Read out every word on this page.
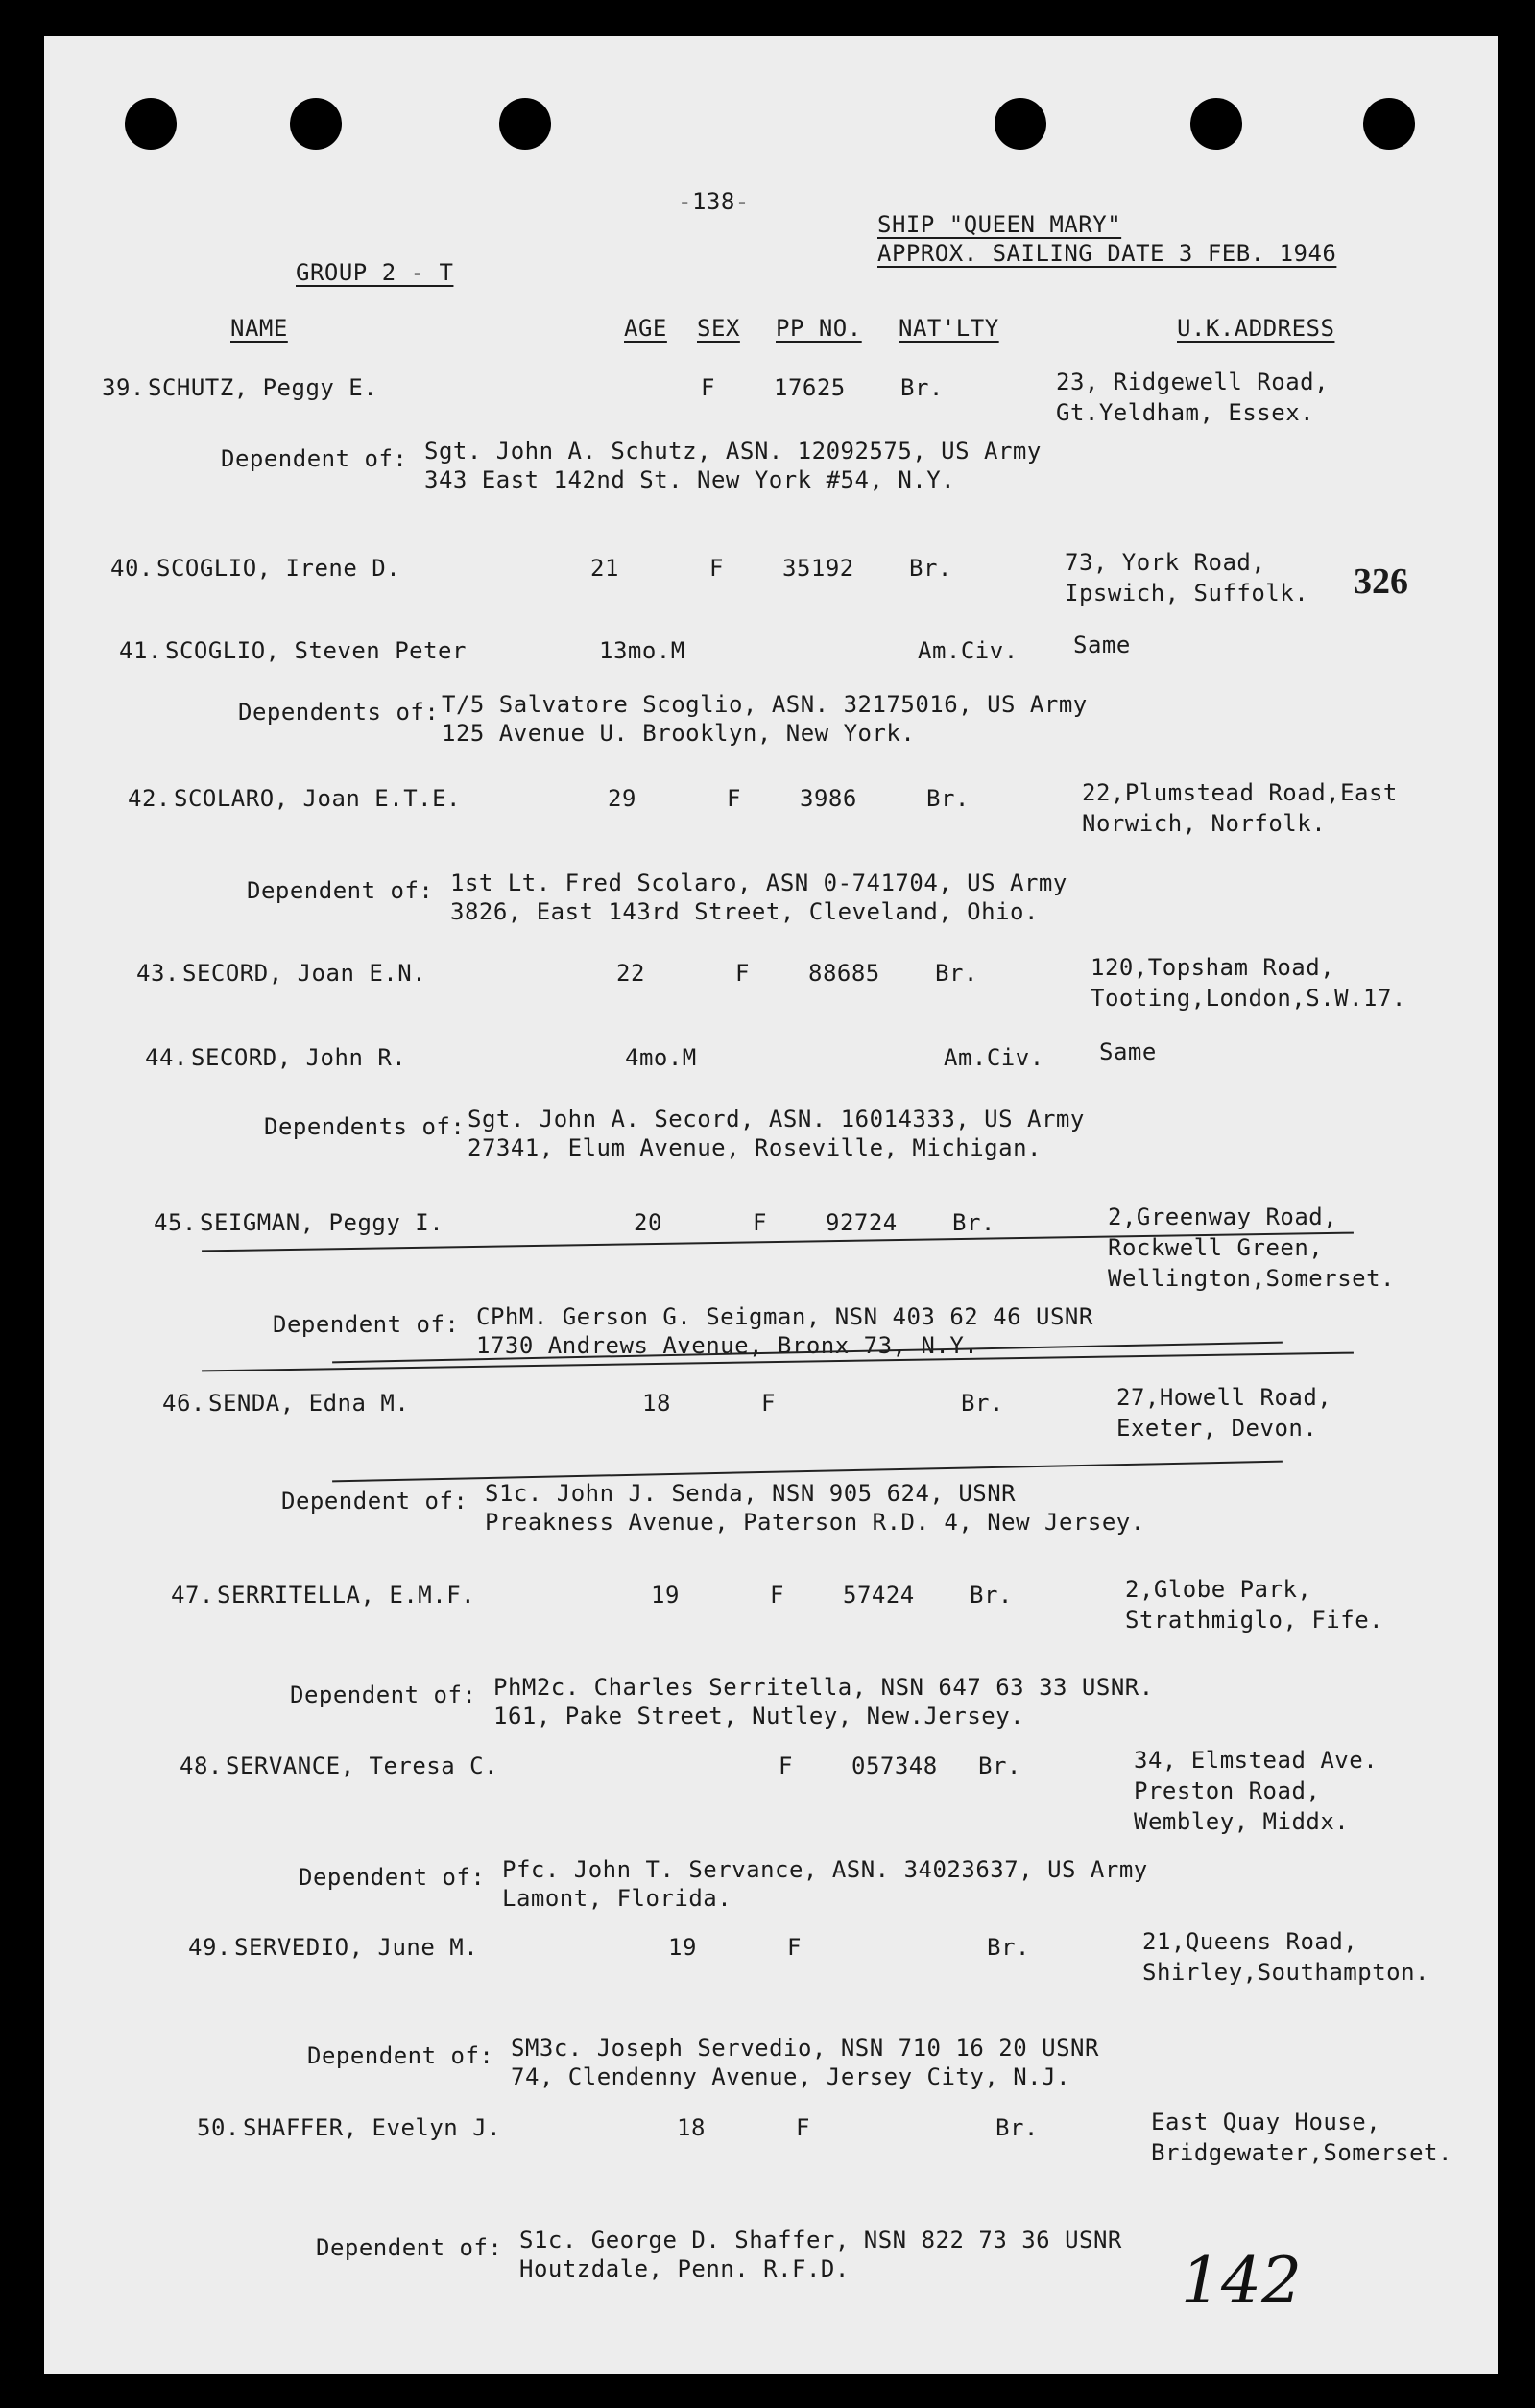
-138-
SHIP "QUEEN MARY"
APPROX. SAILING DATE 3 FEB. 1946
GROUP 2 - T
NAME	AGE SEX PP NO. NAT'LTY	U.K.ADDRESS
39. SCHUTZ, Peggy E.	F	17625 Br.	23, Ridgewell Road,
Gt.Yeldham, Essex.
Dependent of: Sgt. John A. Schutz, ASN. 12092575, US Army
343 East 142nd St. New York #54, N.Y.
40. SCOGLIO, Irene D.	21	F	35192 Br.	73, York Road,
Ipswich, Suffolk.
41. SCOGLIO, Steven Peter	13mo.M	Am.Civ. Same
Dependents of: T/5 Salvatore Scoglio, ASN. 32175016, US Army
125 Avenue U. Brooklyn, New York.
42. SCOLARO, Joan E.T.E.	29	F	3986	Br.	22,Plumstead Road,East
Norwich, Norfolk.
Dependent of: 1st Lt. Fred Scolaro, ASN 0-741704, US Army
3826, East 143rd Street, Cleveland, Ohio.
43. SECORD, Joan E.N.	22	F	88685 Br.	120,Topsham Road,
Tooting,London,S.W.17.
44. SECORD, John R.	4mo.M	Am.Civ. Same
Dependents of: Sgt. John A. Secord, ASN. 16014333, US Army
27341, Elum Avenue, Roseville, Michigan.
45. SEIGMAN, Peggy I.	20	F	92724 Br.	2,Greenway Road,
Rockwell Green,
Wellington,Somerset.
Dependent of: CPhM. Gerson G. Seigman, NSN 403 62 46 USNR
1730 Andrews Avenue, Bronx 73, N.Y.
46. SENDA, Edna M.	18	F	Br.	27,Howell Road,
Exeter, Devon.
Dependent of: S1c. John J. Senda, NSN 905 624, USNR
Preakness Avenue, Paterson R.D. 4, New Jersey.
47. SERRITELLA, E.M.F.	19	F	57424 Br.	2,Globe Park,
Strathmiglo, Fife.
Dependent of: PhM2c. Charles Serritella, NSN 647 63 33 USNR.
161, Pake Street, Nutley, New.Jersey.
48. SERVANCE, Teresa C.	F	057348 Br.	34, Elmstead Ave.
Preston Road,
Wembley, Middx.
Dependent of: Pfc. John T. Servance, ASN. 34023637, US Army
Lamont, Florida.
49. SERVEDIO, June M.	19	F	Br.	21,Queens Road,
Shirley,Southampton.
Dependent of: SM3c. Joseph Servedio, NSN 710 16 20 USNR
74, Clendenny Avenue, Jersey City, N.J.
50. SHAFFER, Evelyn J.	18	F	Br.	East Quay House,
Bridgewater,Somerset.
Dependent of: S1c. George D. Shaffer, NSN 822 73 36 USNR
Houtzdale, Penn. R.F.D.
326
142
